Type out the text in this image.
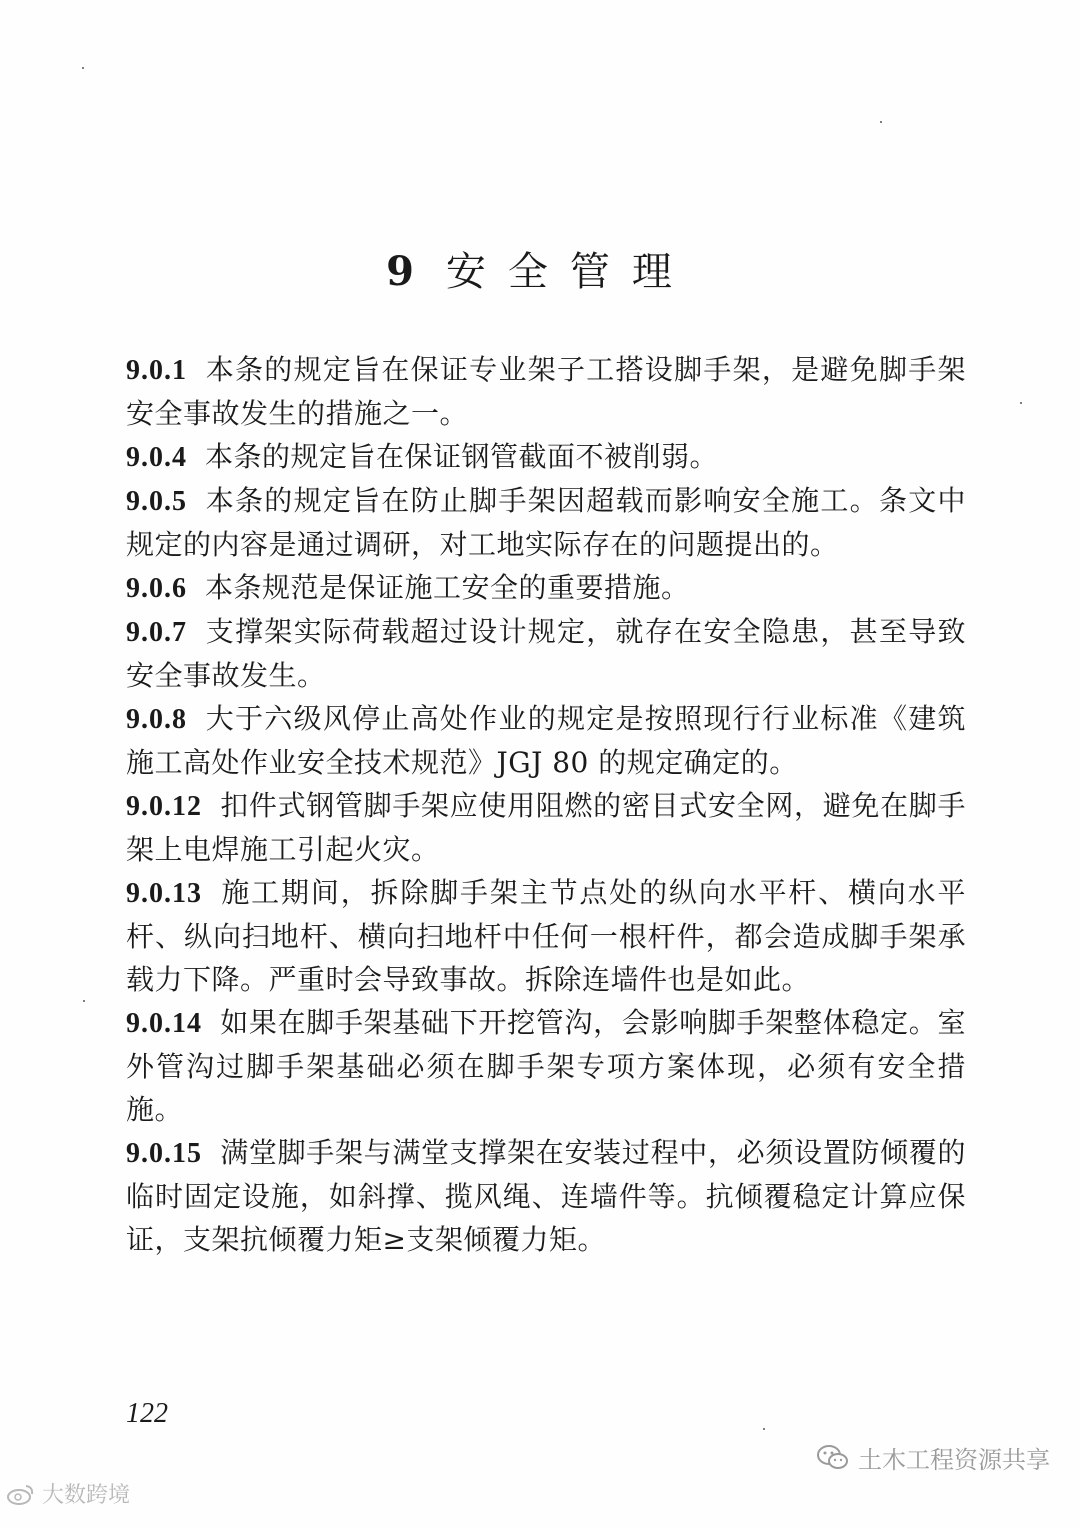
9 安全管理

9.0.1 本条的规定旨在保证专业架子工搭设脚手架，是避免脚手架安全事故发生的措施之一。

9.0.4 本条的规定旨在保证钢管截面不被削弱。

9.0.5 本条的规定旨在防止脚手架因超载而影响安全施工。条文中规定的内容是通过调研，对工地实际存在的问题提出的。

9.0.6 本条规范是保证施工安全的重要措施。

9.0.7 支撑架实际荷载超过设计规定，就存在安全隐患，甚至导致安全事故发生。

9.0.8 大于六级风停止高处作业的规定是按照现行行业标准《建筑施工高处作业安全技术规范》JGJ 80 的规定确定的。

9.0.12 扣件式钢管脚手架应使用阻燃的密目式安全网，避免在脚手架上电焊施工引起火灾。

9.0.13 施工期间，拆除脚手架主节点处的纵向水平杆、横向水平杆、纵向扫地杆、横向扫地杆中任何一根杆件，都会造成脚手架承载力下降。严重时会导致事故。拆除连墙件也是如此。

9.0.14 如果在脚手架基础下开挖管沟，会影响脚手架整体稳定。室外管沟过脚手架基础必须在脚手架专项方案体现，必须有安全措施。

9.0.15 满堂脚手架与满堂支撑架在安装过程中，必须设置防倾覆的临时固定设施，如斜撑、揽风绳、连墙件等。抗倾覆稳定计算应保证，支架抗倾覆力矩≥支架倾覆力矩。

122
大数跨境
土木工程资源共享
